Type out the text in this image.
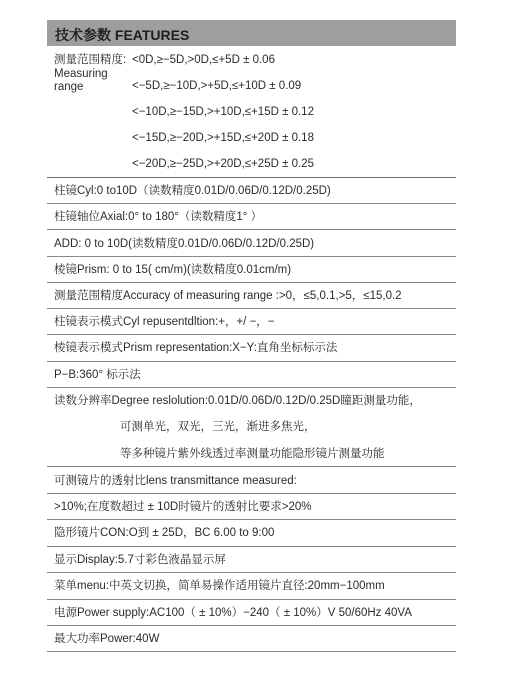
技术参数 FEATURES
测量范围精度: <0D,≥−5D,>0D,≤+5D ± 0.06
Measuring
range	<−5D,≥−10D,>+5D,≤+10D ± 0.09
<−10D,≥−15D,>+10D,≤+15D ± 0.12
<−15D,≥−20D,>+15D,≤+20D ± 0.18
<−20D,≥−25D,>+20D,≤+25D ± 0.25
柱镜Cyl:0 to10D（读数精度0.01D/0.06D/0.12D/0.25D)
柱镜轴位Axial:0° to 180°（读数精度1° ）
ADD: 0 to 10D(读数精度0.01D/0.06D/0.12D/0.25D)
棱镜Prism: 0 to 15( cm/m)(读数精度0.01cm/m)
测量范围精度Accuracy of measuring range :>0，≤5,0.1,>5，≤15,0.2
柱镜表示模式Cyl repusentdltion:+，+/ −，−
棱镜表示模式Prism representation:X−Y:直角坐标标示法
P−B:360° 标示法
读数分辨率Degree reslolution:0.01D/0.06D/0.12D/0.25D瞳距测量功能，
可测单光，双光，三光，渐进多焦光，
等多种镜片紫外线透过率测量功能隐形镜片测量功能
可测镜片的透射比lens transmittance measured:
>10%;在度数超过 ± 10D时镜片的透射比要求>20%
隐形镜片CON:O到 ± 25D，BC 6.00 to 9:00
显示Display:5.7寸彩色液晶显示屏
菜单menu:中英文切换，简单易操作适用镜片直径:20mm−100mm
电源Power supply:AC100（ ± 10%）−240（ ± 10%）V 50/60Hz 40VA
最大功率Power:40W
